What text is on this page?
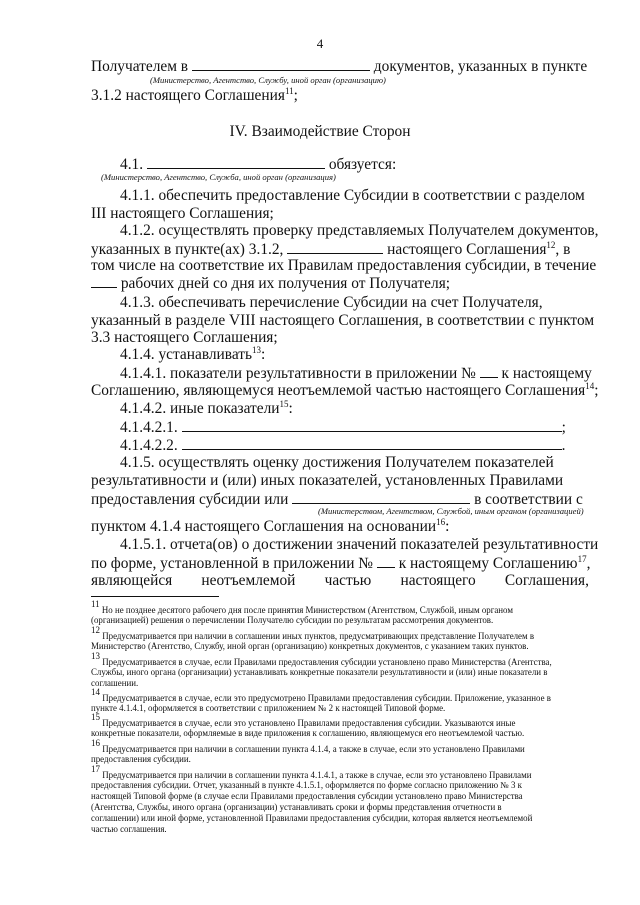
4
Получателем в	документов, указанных в пункте
(Министерство, Агентство, Службу, иной орган (организацию)
3.1.2 настоящего Соглашения$^{11}$;
IV. Взаимодействие Сторон
4.1.	обязуется:
(Министерство, Агентство, Служба, иной орган (организация)
4.1.1. обеспечить предоставление Субсидии в соответствии с разделом
III настоящего Соглашения;
4.1.2. осуществлять проверку представляемых Получателем документов,
указанных в пункте(ах) 3.1.2,	настоящего Соглашения$^{12}$, в
том числе на соответствие их Правилам предоставления субсидии, в течение
рабочих дней со дня их получения от Получателя;
4.1.3. обеспечивать перечисление Субсидии на счет Получателя,
указанный в разделе VIII настоящего Соглашения, в соответствии с пунктом
3.3 настоящего Соглашения;
4.1.4. устанавливать$^{13}$:
4.1.4.1. показатели результативности в приложении № к настоящему
Соглашению, являющемуся неотъемлемой частью настоящего Соглашения$^{14}$;
4.1.4.2. иные показатели$^{15}$:
4.1.4.2.1.	;
4.1.4.2.2.	.
4.1.5. осуществлять оценку достижения Получателем показателей
результативности и (или) иных показателей, установленных Правилами
предоставления субсидии или	в соответствии с
(Министерством, Агентством, Службой, иным органом (организацией)
пунктом 4.1.4 настоящего Соглашения на основании$^{16}$:
4.1.5.1. отчета(ов) о достижении значений показателей результативности
по форме, установленной в приложении № к настоящему Соглашению$^{17}$,
являющейся неотъемлемой частью настоящего Соглашения,
$^{11}$ Но не позднее десятого рабочего дня после принятия Министерством (Агентством, Службой, иным органом
(организацией) решения о перечислении Получателю субсидии по результатам рассмотрения документов.
$^{12}$ Предусматривается при наличии в соглашении иных пунктов, предусматривающих представление Получателем в
Министерство (Агентство, Службу, иной орган (организацию) конкретных документов, с указанием таких пунктов.
$^{13}$ Предусматривается в случае, если Правилами предоставления субсидии установлено право Министерства (Агентства,
Службы, иного органа (организации) устанавливать конкретные показатели результативности и (или) иные показатели в
соглашении.
$^{14}$ Предусматривается в случае, если это предусмотрено Правилами предоставления субсидии. Приложение, указанное в
пункте 4.1.4.1, оформляется в соответствии с приложением № 2 к настоящей Типовой форме.
$^{15}$ Предусматривается в случае, если это установлено Правилами предоставления субсидии. Указываются иные
конкретные показатели, оформляемые в виде приложения к соглашению, являющемуся его неотъемлемой частью.
$^{16}$ Предусматривается при наличии в соглашении пункта 4.1.4, а также в случае, если это установлено Правилами
предоставления субсидии.
$^{17}$ Предусматривается при наличии в соглашении пункта 4.1.4.1, а также в случае, если это установлено Правилами
предоставления субсидии. Отчет, указанный в пункте 4.1.5.1, оформляется по форме согласно приложению № 3 к
настоящей Типовой форме (в случае если Правилами предоставления субсидии установлено право Министерства
(Агентства, Службы, иного органа (организации) устанавливать сроки и формы представления отчетности в
соглашении) или иной форме, установленной Правилами предоставления субсидии, которая является неотъемлемой
частью соглашения.
